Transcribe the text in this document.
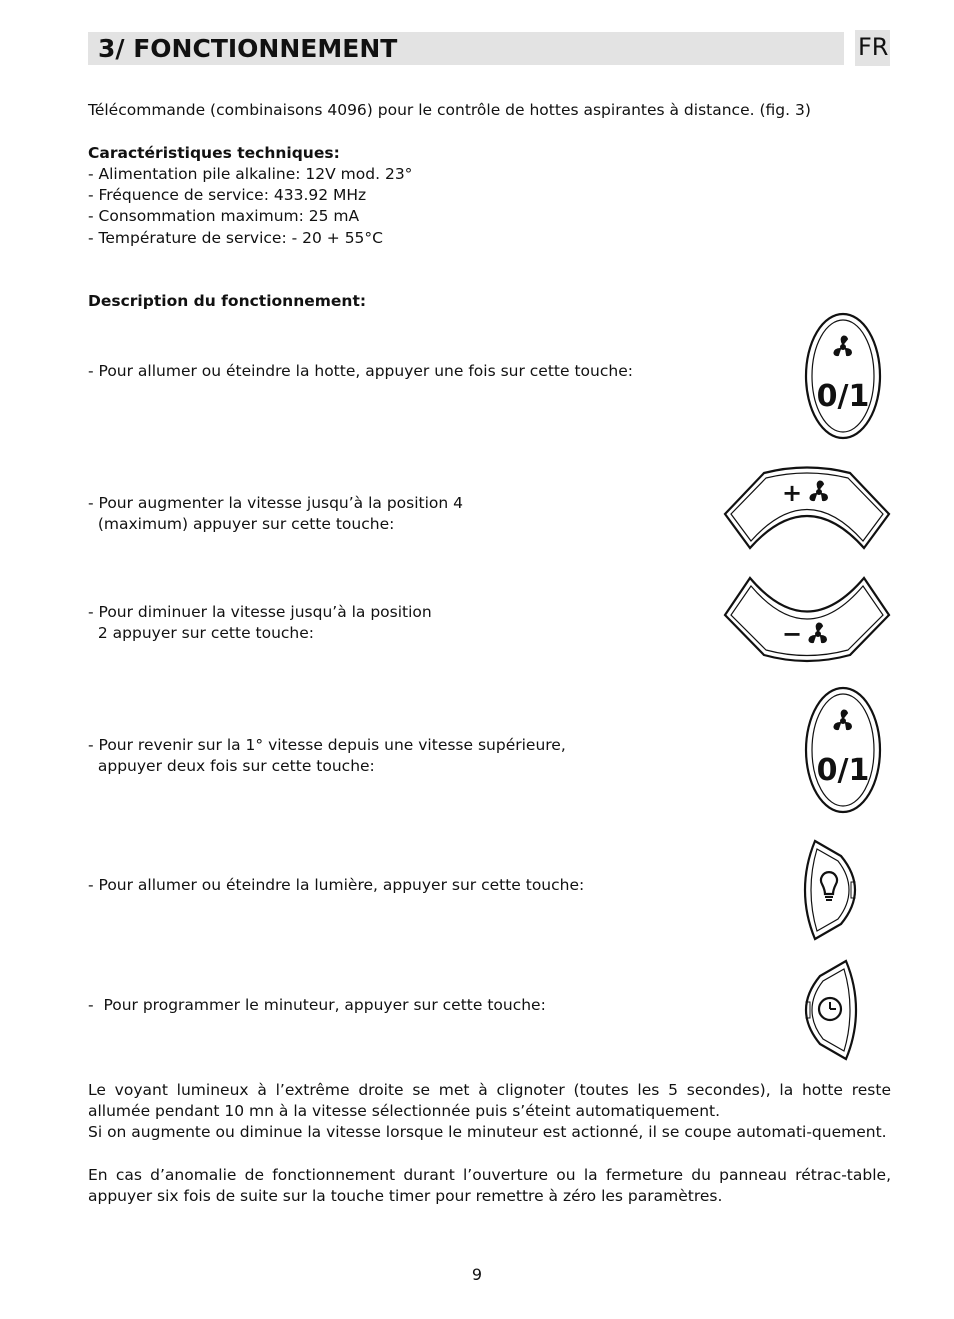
3/ FONCTIONNEMENT	FR
Télécommande (combinaisons 4096) pour le contrôle de hottes aspirantes à distance. (fig. 3)
Caractéristiques techniques:
- Alimentation pile alkaline: 12V mod. 23°
- Fréquence de service: 433.92 MHz
- Consommation maximum: 25 mA
- Température de service: - 20 + 55°C
Description du fonctionnement:
- Pour allumer ou éteindre la hotte, appuyer une fois sur cette touche:
0/1
- Pour augmenter la vitesse jusqu’à la position 4
(maximum) appuyer sur cette touche:
+
- Pour diminuer la vitesse jusqu’à la position
2 appuyer sur cette touche:	−
- Pour revenir sur la 1° vitesse depuis une vitesse supérieure,
appuyer deux fois sur cette touche:	0/1
- Pour allumer ou éteindre la lumière, appuyer sur cette touche:
-  Pour programmer le minuteur, appuyer sur cette touche:
Le voyant lumineux à l’extrême droite se met à clignoter (toutes les 5 secondes), la hotte reste allumée pendant 10 mn à la vitesse sélectionnée puis s’éteint automatiquement.
Si on augmente ou diminue la vitesse lorsque le minuteur est actionné, il se coupe automati-quement.
En cas d’anomalie de fonctionnement durant l’ouverture ou la fermeture du panneau rétrac-table, appuyer six fois de suite sur la touche timer pour remettre à zéro les paramètres.
9
